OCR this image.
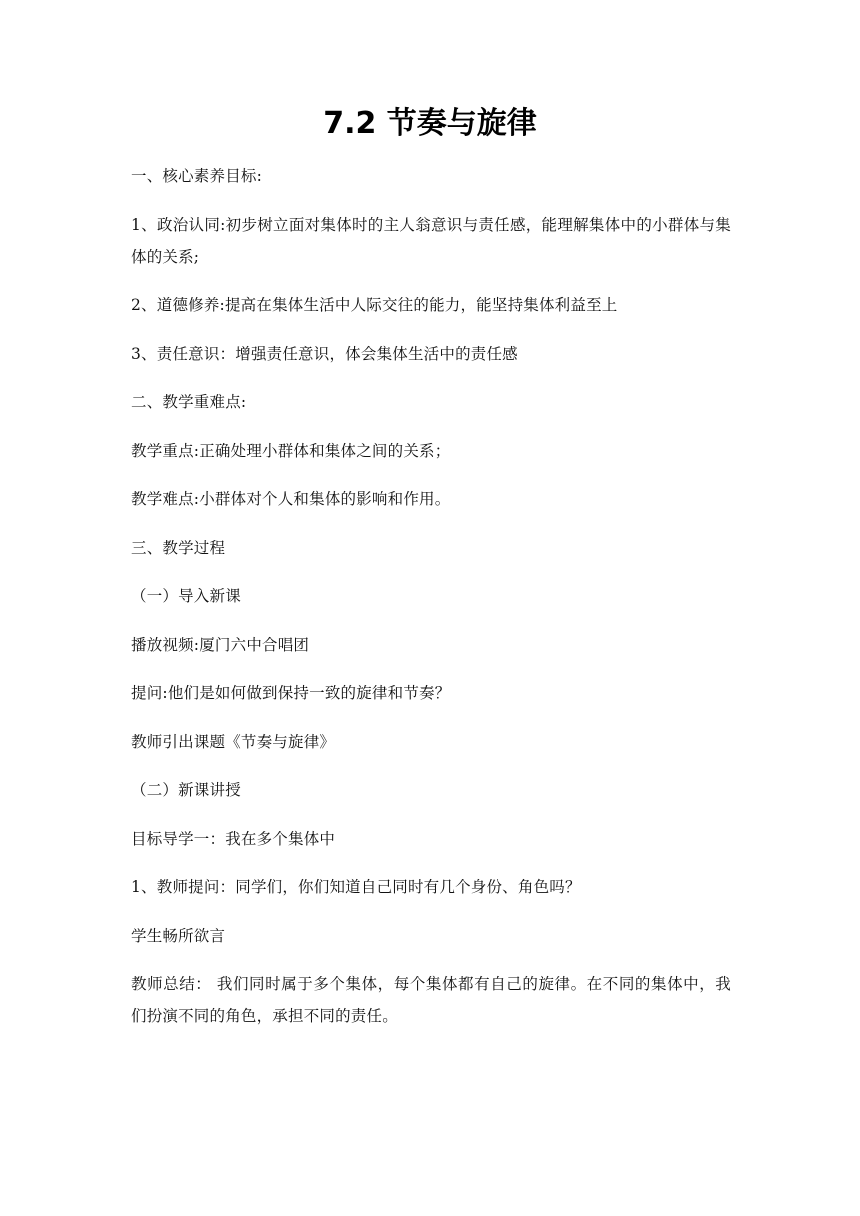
7.2 节奏与旋律

一、核心素养目标:

1、政治认同:初步树立面对集体时的主人翁意识与责任感，能理解集体中的小群体与集体的关系;

2、道德修养:提高在集体生活中人际交往的能力，能坚持集体利益至上

3、责任意识：增强责任意识，体会集体生活中的责任感

二、教学重难点:

教学重点:正确处理小群体和集体之间的关系；

教学难点:小群体对个人和集体的影响和作用。

三、教学过程

（一）导入新课

播放视频:厦门六中合唱团

提问:他们是如何做到保持一致的旋律和节奏？

教师引出课题《节奏与旋律》

（二）新课讲授

目标导学一：我在多个集体中

1、教师提问：同学们，你们知道自己同时有几个身份、角色吗？

学生畅所欲言

教师总结： 我们同时属于多个集体，每个集体都有自己的旋律。在不同的集体中，我们扮演不同的角色，承担不同的责任。
